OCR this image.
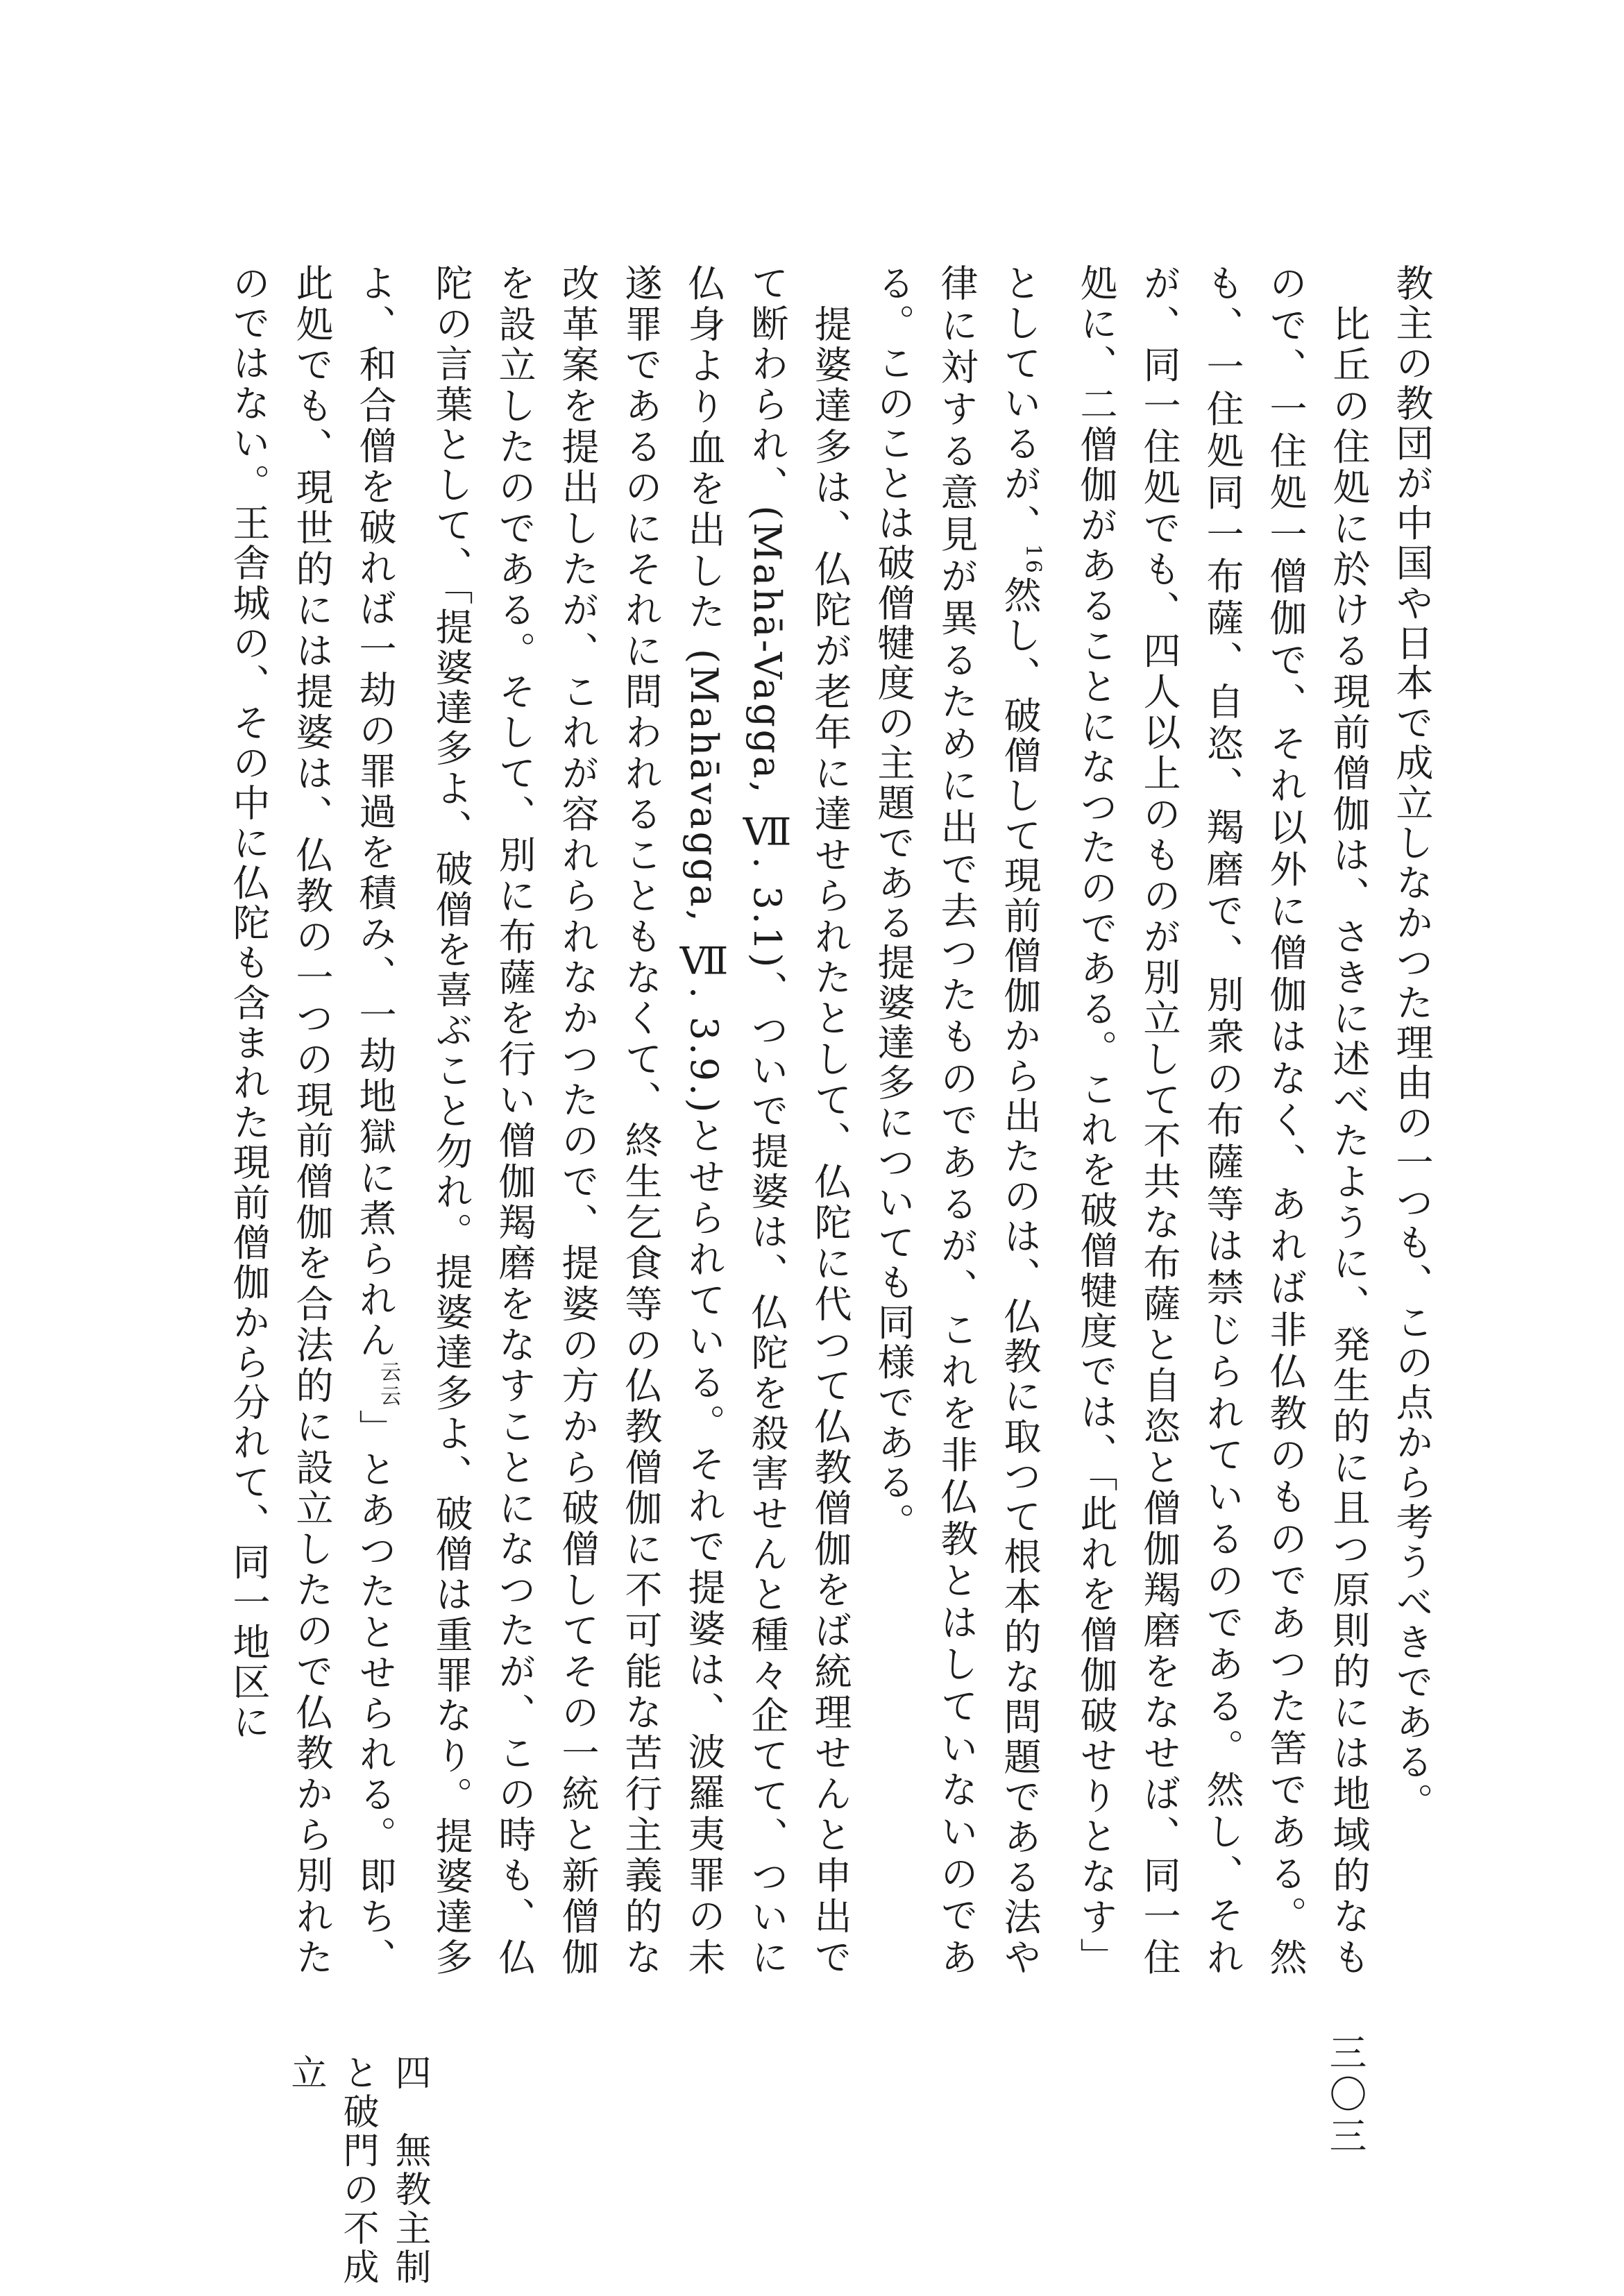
教主の教団が中国や日本で成立しなかつた理由の一つも、この点から考うべきである。

　比丘の住処に於ける現前僧伽は、さきに述べたように、発生的に且つ原則的には地域的なもので、一住処一僧伽で、それ以外に僧伽はなく、あれば非仏教のものであつた筈である。然も、一住処同一布薩、自恣、羯磨で、別衆の布薩等は禁じられているのである。然し、それが、同一住処でも、四人以上のものが別立して不共な布薩と自恣と僧伽羯磨をなせば、同一住処に、二僧伽があることになつたのである。これを破僧犍度では、「此れを僧伽破せりとなす」としているが、$^{16}$然し、破僧して現前僧伽から出たのは、仏教に取つて根本的な問題である法や律に対する意見が異るために出で去つたものであるが、これを非仏教とはしていないのである。このことは破僧犍度の主題である提婆達多についても同様である。

　提婆達多は、仏陀が老年に達せられたとして、仏陀に代つて仏教僧伽をば統理せんと申出でて断わられ、(Mahā-Vagga, Ⅶ. 3.1)、ついで提婆は、仏陀を殺害せんと種々企てて、ついに仏身より血を出した (Mahāvagga, Ⅶ. 3.9.)とせられている。それで提婆は、波羅夷罪の未遂罪であるのにそれに問われることもなくて、終生乞食等の仏教僧伽に不可能な苦行主義的な改革案を提出したが、これが容れられなかつたので、提婆の方から破僧してその一統と新僧伽を設立したのである。そして、別に布薩を行い僧伽羯磨をなすことになつたが、この時も、仏陀の言葉として、「提婆達多よ、破僧を喜ぶこと勿れ。提婆達多よ、破僧は重罪なり。提婆達多よ、和合僧を破れば一劫の罪過を積み、一劫地獄に煮られん$^{云云}$」とあつたとせられる。即ち、此処でも、現世的には提婆は、仏教の一つの現前僧伽を合法的に設立したので仏教から別れたのではない。王舎城の、その中に仏陀も含まれた現前僧伽から分れて、同一地区に

四　無教主制と破門の不成立	三〇三
